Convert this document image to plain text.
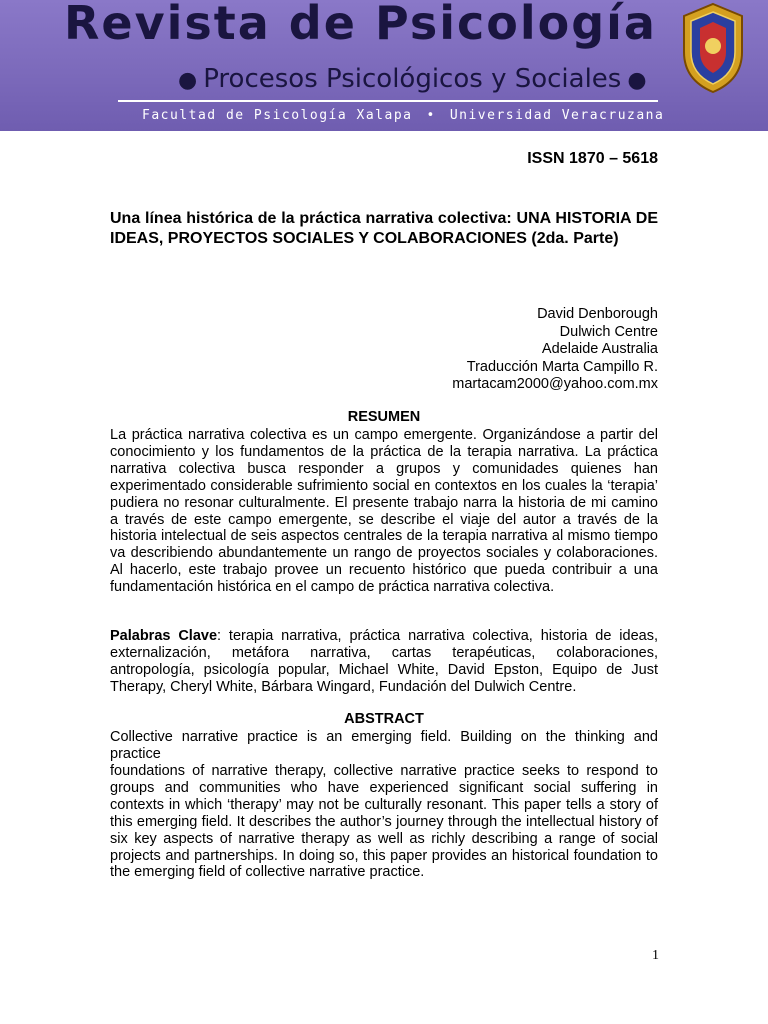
Revista de Psicología
● Procesos Psicológicos y Sociales ●
Facultad de Psicología Xalapa • Universidad Veracruzana
ISSN 1870 – 5618
Una línea histórica de la práctica narrativa colectiva: UNA HISTORIA DE IDEAS, PROYECTOS SOCIALES Y COLABORACIONES (2da. Parte)
David Denborough
Dulwich Centre
Adelaide Australia
Traducción Marta Campillo R.
martacam2000@yahoo.com.mx
RESUMEN
La práctica narrativa colectiva es un campo emergente. Organizándose a partir del conocimiento y los fundamentos de la práctica de la terapia narrativa. La práctica narrativa colectiva busca responder a grupos y comunidades quienes han experimentado considerable sufrimiento social en contextos en los cuales la ‘terapia’ pudiera no resonar culturalmente. El presente trabajo narra la historia de mi camino a través de este campo emergente, se describe el viaje del autor a través de la historia intelectual de seis aspectos centrales de la terapia narrativa al mismo tiempo va describiendo abundantemente un rango de proyectos sociales y colaboraciones. Al hacerlo, este trabajo provee un recuento histórico que pueda contribuir a una fundamentación histórica en el campo de práctica narrativa colectiva.
Palabras Clave: terapia narrativa, práctica narrativa colectiva, historia de ideas, externalización, metáfora narrativa, cartas terapéuticas, colaboraciones, antropología, psicología popular, Michael White, David Epston, Equipo de Just Therapy, Cheryl White, Bárbara Wingard, Fundación del Dulwich Centre.
ABSTRACT
Collective narrative practice is an emerging field. Building on the thinking and practice
foundations of narrative therapy, collective narrative practice seeks to respond to groups and communities who have experienced significant social suffering in contexts in which ‘therapy’ may not be culturally resonant. This paper tells a story of this emerging field. It describes the author’s journey through the intellectual history of six key aspects of narrative therapy as well as richly describing a range of social projects and partnerships. In doing so, this paper provides an historical foundation to the emerging field of collective narrative practice.
1
